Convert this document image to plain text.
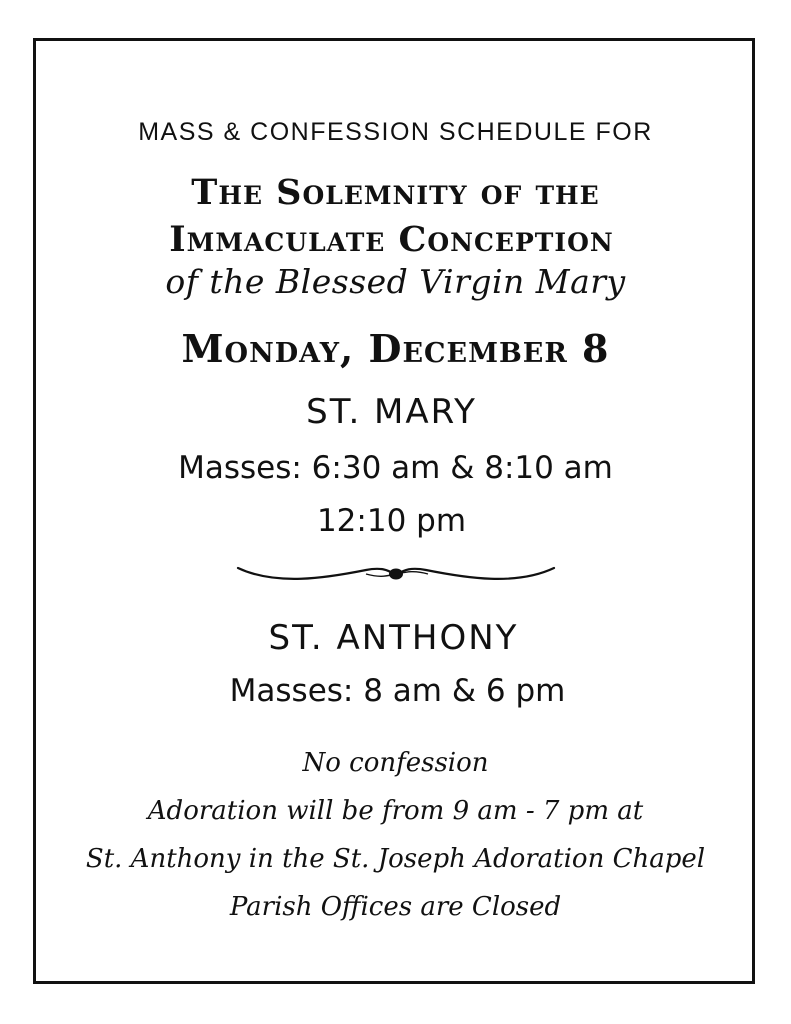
MASS & CONFESSION SCHEDULE FOR
The Solemnity of the
Immaculate Conception
of the Blessed Virgin Mary
Monday, December 8
ST. MARY
Masses: 6:30 am & 8:10 am
12:10 pm
ST. ANTHONY
Masses: 8 am & 6 pm
No confession
Adoration will be from 9 am - 7 pm at
St. Anthony in the St. Joseph Adoration Chapel
Parish Offices are Closed
